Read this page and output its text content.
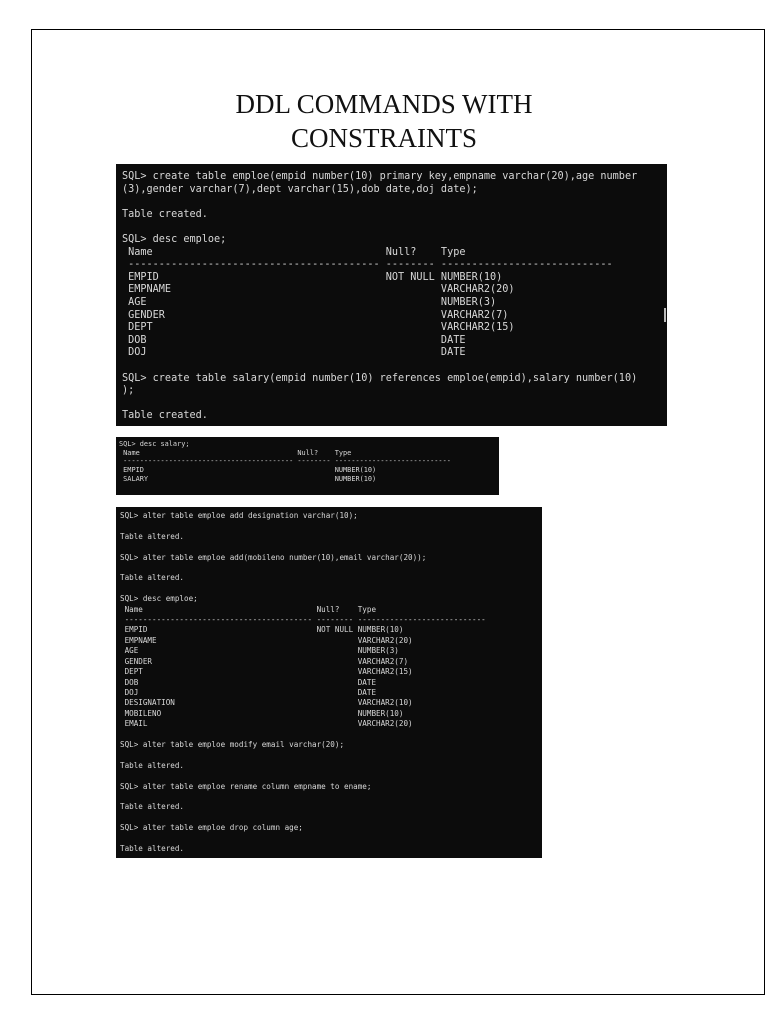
DDL COMMANDS WITH
CONSTRAINTS
SQL> create table emploe(empid number(10) primary key,empname varchar(20),age number
(3),gender varchar(7),dept varchar(15),dob date,doj date);

Table created.

SQL> desc emploe;
Name                                      Null?    Type
----------------------------------------- -------- ----------------------------
EMPID                                     NOT NULL NUMBER(10)
EMPNAME                                            VARCHAR2(20)
AGE                                                NUMBER(3)
GENDER                                             VARCHAR2(7)
DEPT                                               VARCHAR2(15)
DOB                                                DATE
DOJ                                                DATE

SQL> create table salary(empid number(10) references emploe(empid),salary number(10)
);

Table created.
SQL> desc salary;
Name                                      Null?    Type
----------------------------------------- -------- ----------------------------
EMPID                                              NUMBER(10)
SALARY                                             NUMBER(10)
SQL> alter table emploe add designation varchar(10);

Table altered.

SQL> alter table emploe add(mobileno number(10),email varchar(20));

Table altered.

SQL> desc emploe;
Name                                      Null?    Type
----------------------------------------- -------- ----------------------------
EMPID                                     NOT NULL NUMBER(10)
EMPNAME                                            VARCHAR2(20)
AGE                                                NUMBER(3)
GENDER                                             VARCHAR2(7)
DEPT                                               VARCHAR2(15)
DOB                                                DATE
DOJ                                                DATE
DESIGNATION                                        VARCHAR2(10)
MOBILENO                                           NUMBER(10)
EMAIL                                              VARCHAR2(20)

SQL> alter table emploe modify email varchar(20);

Table altered.

SQL> alter table emploe rename column empname to ename;

Table altered.

SQL> alter table emploe drop column age;

Table altered.
